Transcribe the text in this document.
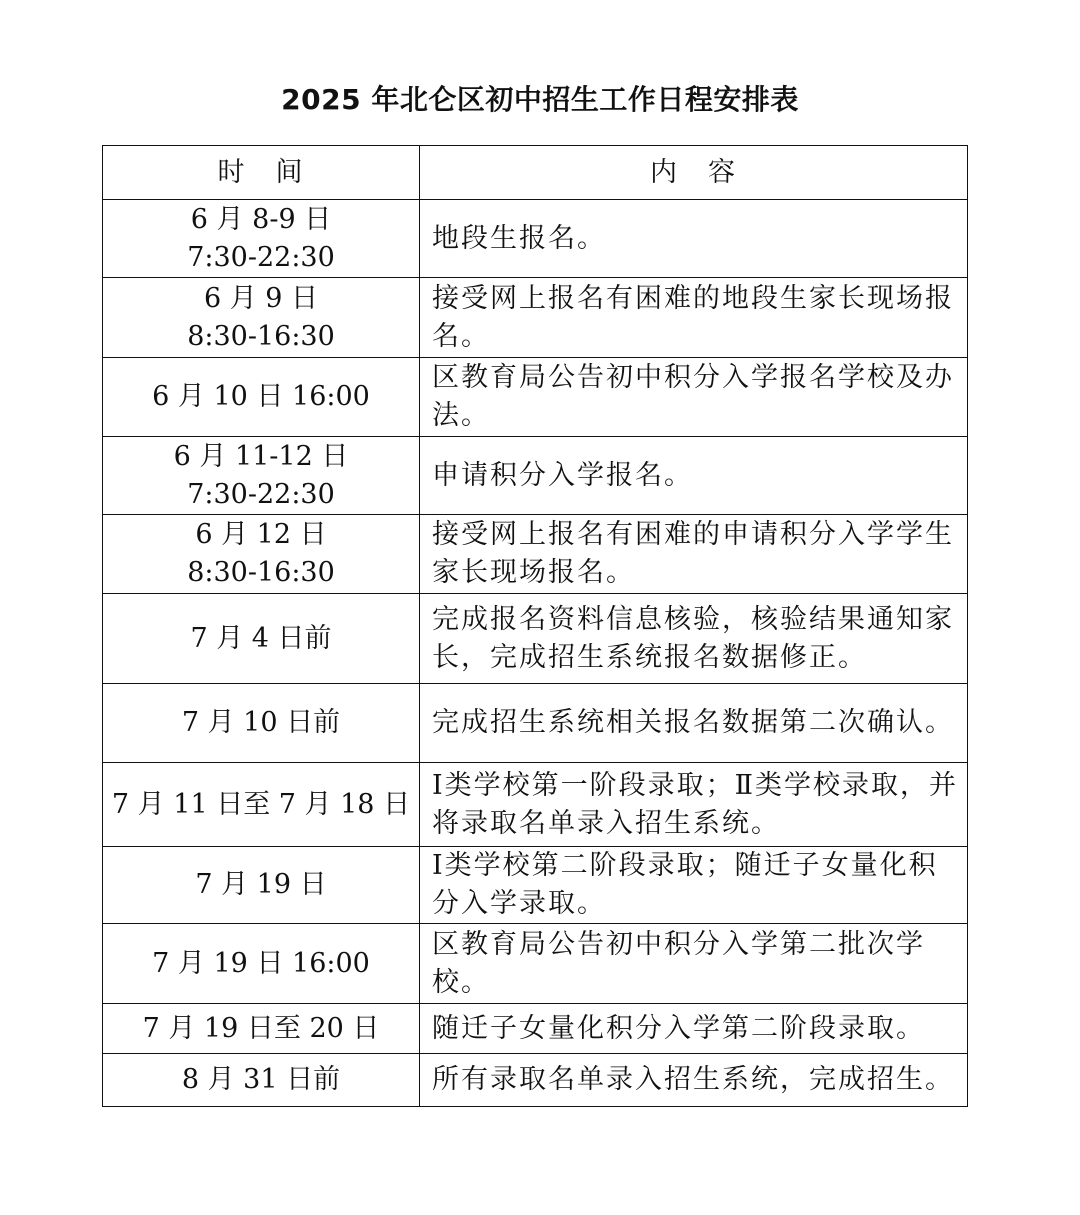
2025 年北仑区初中招生工作日程安排表
时　间	内　容

6 月 8-9 日
7:30-22:30	地段生报名。

6 月 9 日
8:30-16:30	接受网上报名有困难的地段生家长现场报名。

6 月 10 日 16:00	区教育局公告初中积分入学报名学校及办法。

6 月 11-12 日
7:30-22:30	申请积分入学报名。

6 月 12 日
8:30-16:30	接受网上报名有困难的申请积分入学学生家长现场报名。

7 月 4 日前	完成报名资料信息核验，核验结果通知家长，完成招生系统报名数据修正。

7 月 10 日前	完成招生系统相关报名数据第二次确认。

7 月 11 日至 7 月 18 日	Ⅰ类学校第一阶段录取；Ⅱ类学校录取，并将录取名单录入招生系统。

7 月 19 日	Ⅰ类学校第二阶段录取；随迁子女量化积分入学录取。

7 月 19 日 16:00	区教育局公告初中积分入学第二批次学校。

7 月 19 日至 20 日	随迁子女量化积分入学第二阶段录取。

8 月 31 日前	所有录取名单录入招生系统，完成招生。
